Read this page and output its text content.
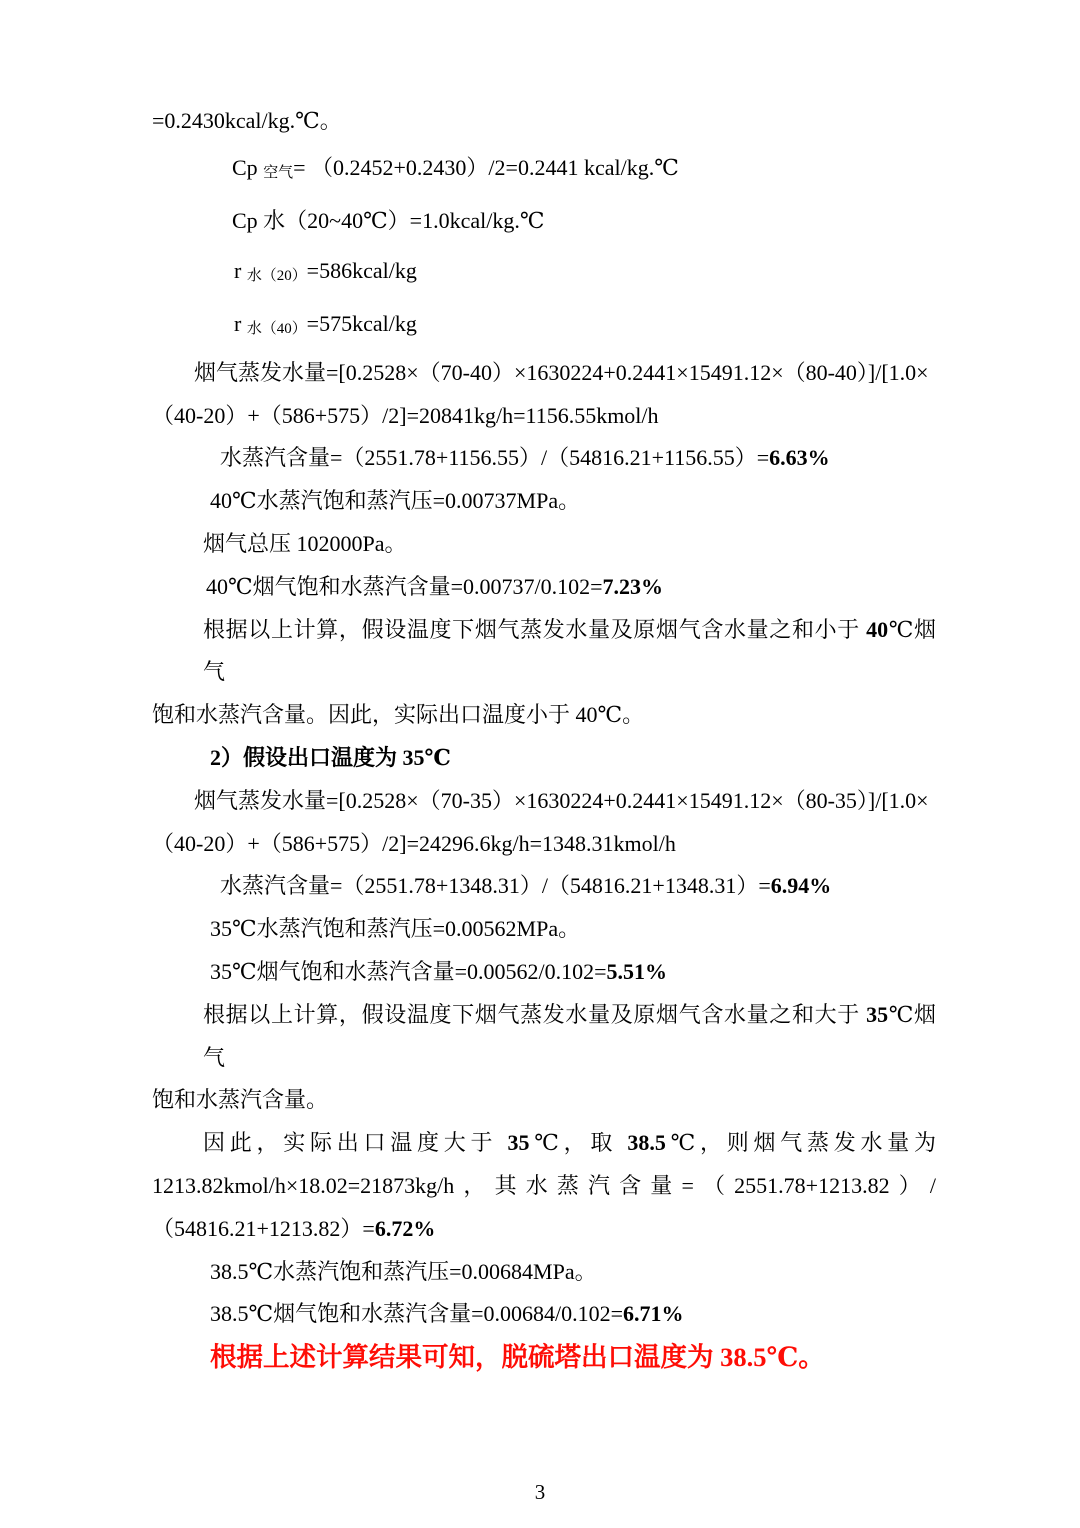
=0.2430kcal/kg.℃。
Cp 空气= （0.2452+0.2430）/2=0.2441 kcal/kg.℃
Cp 水（20~40℃）=1.0kcal/kg.℃
r 水（20）=586kcal/kg
r 水（40）=575kcal/kg
烟气蒸发水量=[0.2528×（70-40）×1630224+0.2441×15491.12×（80-40）]/[1.0×
（40-20）+（586+575）/2]=20841kg/h=1156.55kmol/h
水蒸汽含量=（2551.78+1156.55）/（54816.21+1156.55）=6.63%
40℃水蒸汽饱和蒸汽压=0.00737MPa。
烟气总压 102000Pa。
40℃烟气饱和水蒸汽含量=0.00737/0.102=7.23%
根据以上计算，假设温度下烟气蒸发水量及原烟气含水量之和小于 40℃烟气
饱和水蒸汽含量。因此，实际出口温度小于 40℃。
2）假设出口温度为 35℃
烟气蒸发水量=[0.2528×（70-35）×1630224+0.2441×15491.12×（80-35）]/[1.0×
（40-20）+（586+575）/2]=24296.6kg/h=1348.31kmol/h
水蒸汽含量=（2551.78+1348.31）/（54816.21+1348.31）=6.94%
35℃水蒸汽饱和蒸汽压=0.00562MPa。
35℃烟气饱和水蒸汽含量=0.00562/0.102=5.51%
根据以上计算，假设温度下烟气蒸发水量及原烟气含水量之和大于 35℃烟气
饱和水蒸汽含量。
因此，实际出口温度大于 35℃，取 38.5℃，则烟气蒸发水量为
1213.82kmol/h×18.02=21873kg/h，其水蒸汽含量=（2551.78+1213.82）/
（54816.21+1213.82）=6.72%
38.5℃水蒸汽饱和蒸汽压=0.00684MPa。
38.5℃烟气饱和水蒸汽含量=0.00684/0.102=6.71%
根据上述计算结果可知，脱硫塔出口温度为 38.5℃。
3
